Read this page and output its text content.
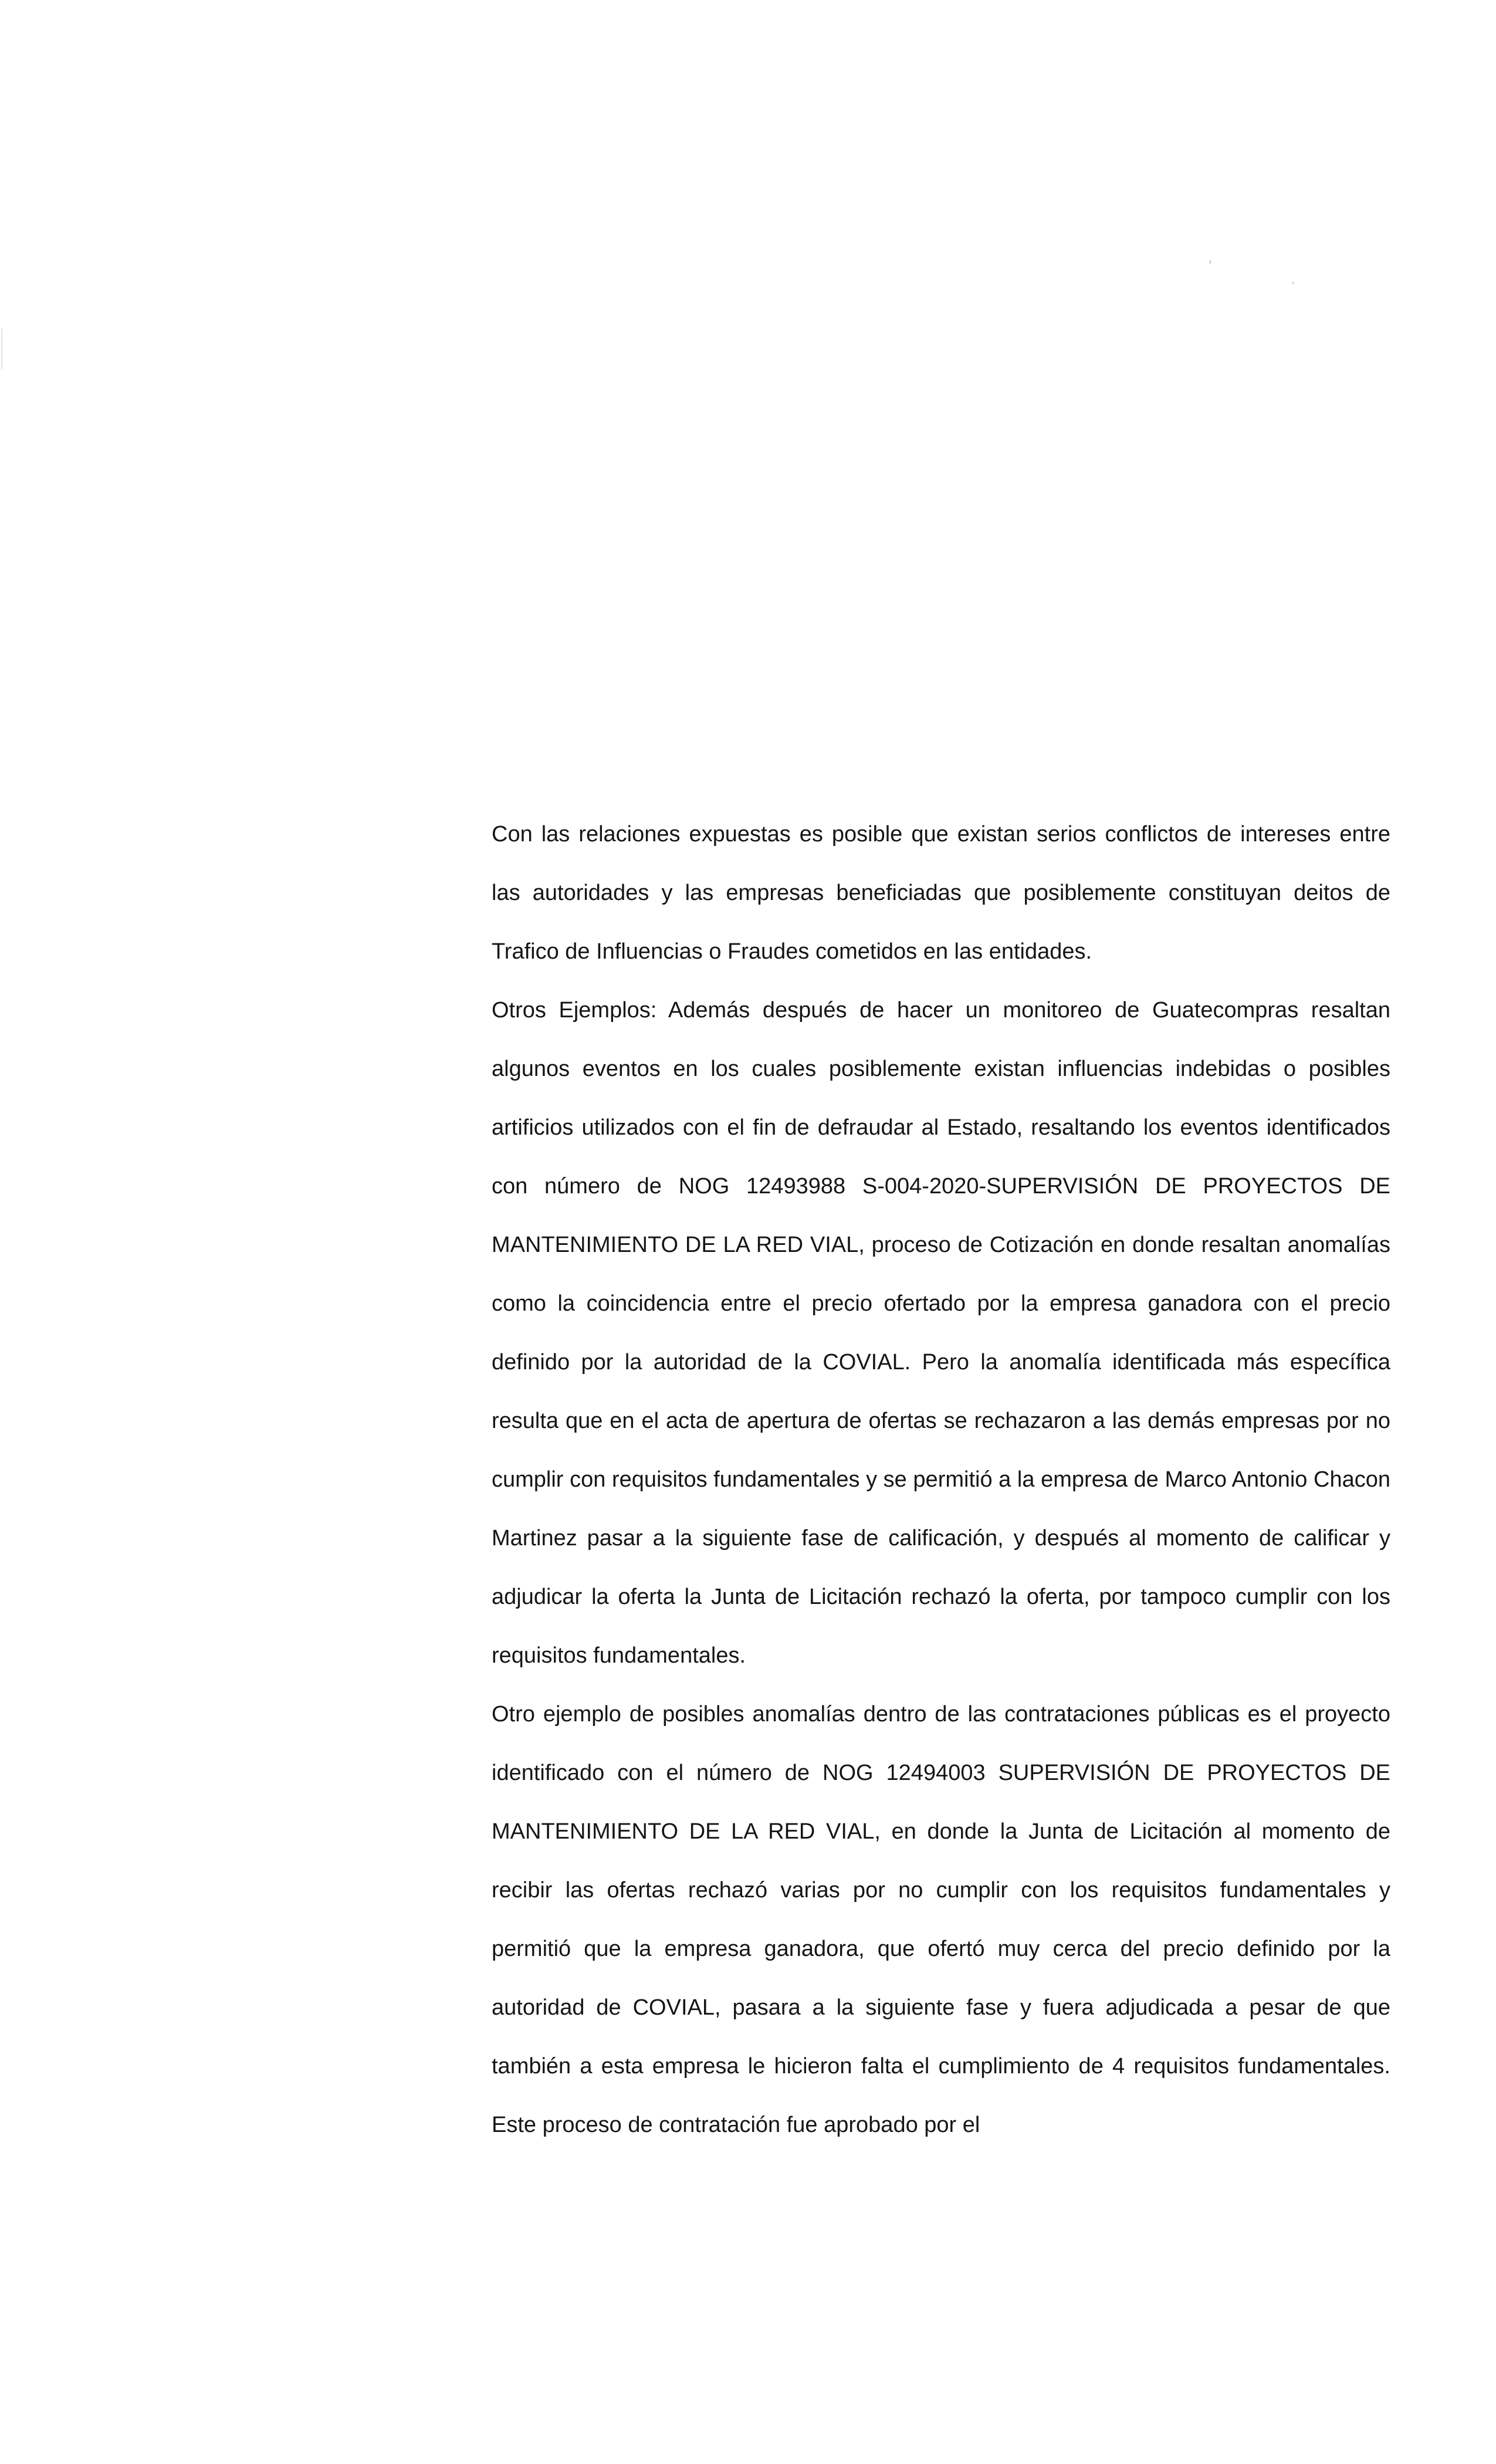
'
`

Con las relaciones expuestas es posible que existan serios conflictos de intereses entre las autoridades y las empresas beneficiadas que posiblemente constituyan deitos de Trafico de Influencias o Fraudes cometidos en las entidades.

Otros Ejemplos: Además después de hacer un monitoreo de Guatecompras resaltan algunos eventos en los cuales posiblemente existan influencias indebidas o posibles artificios utilizados con el fin de defraudar al Estado, resaltando los eventos identificados con número de NOG 12493988 S-004-2020-SUPERVISIÓN DE PROYECTOS DE MANTENIMIENTO DE LA RED VIAL, proceso de Cotización en donde resaltan anomalías como la coincidencia entre el precio ofertado por la empresa ganadora con el precio definido por la autoridad de la COVIAL. Pero la anomalía identificada más específica resulta que en el acta de apertura de ofertas se rechazaron a las demás empresas por no cumplir con requisitos fundamentales y se permitió a la empresa de Marco Antonio Chacon Martinez pasar a la siguiente fase de calificación, y después al momento de calificar y adjudicar la oferta la Junta de Licitación rechazó la oferta, por tampoco cumplir con los requisitos fundamentales.

Otro ejemplo de posibles anomalías dentro de las contrataciones públicas es el proyecto identificado con el número de NOG 12494003 SUPERVISIÓN DE PROYECTOS DE MANTENIMIENTO DE LA RED VIAL, en donde la Junta de Licitación al momento de recibir las ofertas rechazó varias por no cumplir con los requisitos fundamentales y permitió que la empresa ganadora, que ofertó muy cerca del precio definido por la autoridad de COVIAL, pasara a la siguiente fase y fuera adjudicada a pesar de que también a esta empresa le hicieron falta el cumplimiento de 4 requisitos fundamentales. Este proceso de contratación fue aprobado por el
